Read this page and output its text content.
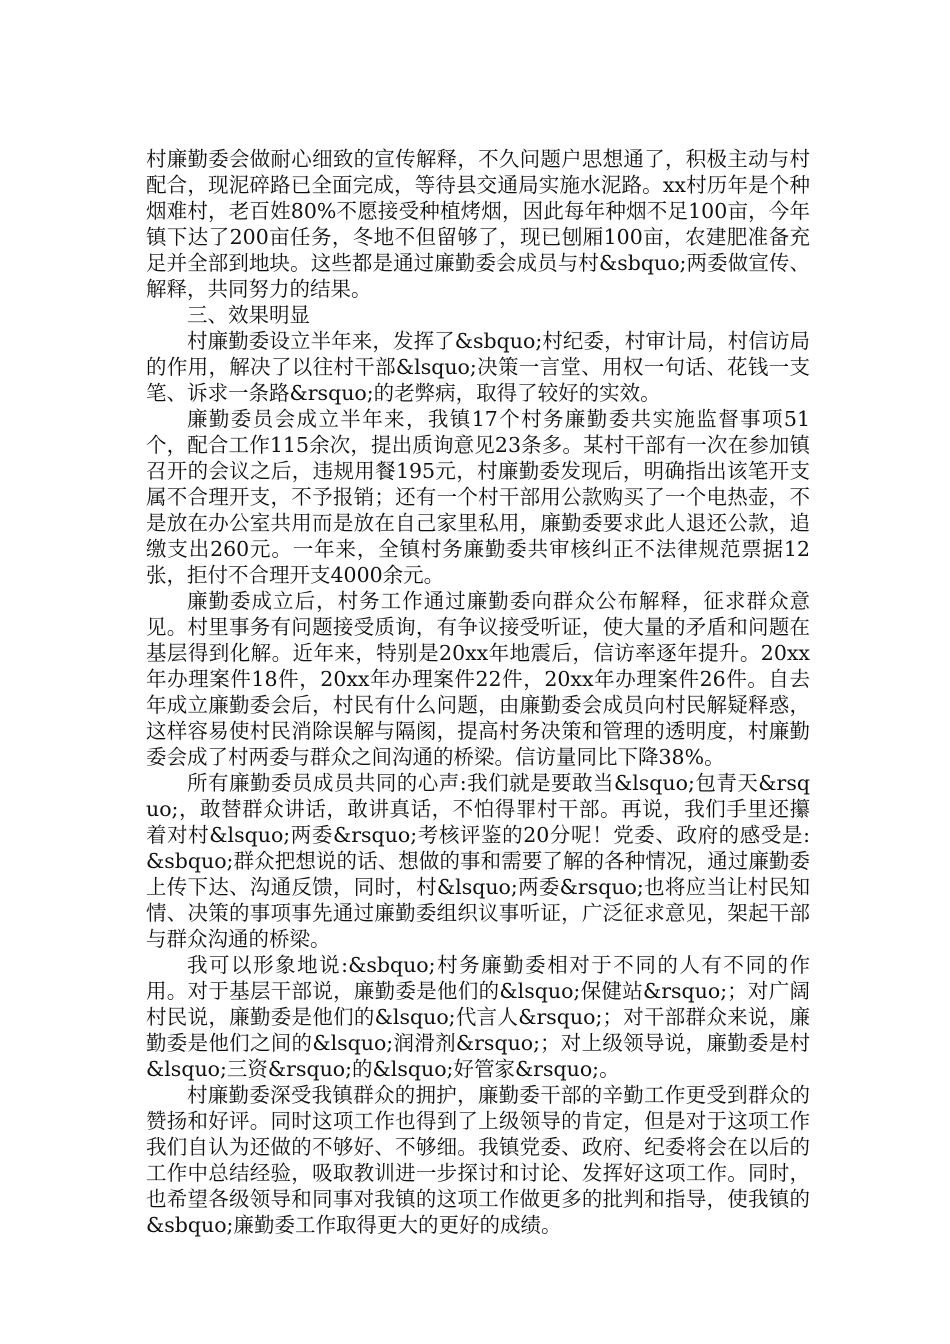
村廉勤委会做耐心细致的宣传解释，不久问题户思想通了，积极主动与村配合，现泥碎路已全面完成，等待县交通局实施水泥路。xx村历年是个种烟难村，老百姓80%不愿接受种植烤烟，因此每年种烟不足100亩，今年镇下达了200亩任务，冬地不但留够了，现已刨厢100亩，农建肥准备充足并全部到地块。这些都是通过廉勤委会成员与村&sbquo;两委做宣传、解释，共同努力的结果。

三、效果明显

村廉勤委设立半年来，发挥了&sbquo;村纪委，村审计局，村信访局的作用，解决了以往村干部&lsquo;决策一言堂、用权一句话、花钱一支笔、诉求一条路&rsquo;的老弊病，取得了较好的实效。

廉勤委员会成立半年来，我镇17个村务廉勤委共实施监督事项51个，配合工作115余次，提出质询意见23条多。某村干部有一次在参加镇召开的会议之后，违规用餐195元，村廉勤委发现后，明确指出该笔开支属不合理开支，不予报销；还有一个村干部用公款购买了一个电热壶，不是放在办公室共用而是放在自己家里私用，廉勤委要求此人退还公款，追缴支出260元。一年来，全镇村务廉勤委共审核纠正不法律规范票据12张，拒付不合理开支4000余元。

廉勤委成立后，村务工作通过廉勤委向群众公布解释，征求群众意见。村里事务有问题接受质询，有争议接受听证，使大量的矛盾和问题在基层得到化解。近年来，特别是20xx年地震后，信访率逐年提升。20xx年办理案件18件，20xx年办理案件22件，20xx年办理案件26件。自去年成立廉勤委会后，村民有什么问题，由廉勤委会成员向村民解疑释惑，这样容易使村民消除误解与隔阂，提高村务决策和管理的透明度，村廉勤委会成了村两委与群众之间沟通的桥梁。信访量同比下降38%。

所有廉勤委员成员共同的心声:我们就是要敢当&lsquo;包青天&rsquo;，敢替群众讲话，敢讲真话，不怕得罪村干部。再说，我们手里还攥着对村&lsquo;两委&rsquo;考核评鉴的20分呢！党委、政府的感受是:&sbquo;群众把想说的话、想做的事和需要了解的各种情况，通过廉勤委上传下达、沟通反馈，同时，村&lsquo;两委&rsquo;也将应当让村民知情、决策的事项事先通过廉勤委组织议事听证，广泛征求意见，架起干部与群众沟通的桥梁。

我可以形象地说:&sbquo;村务廉勤委相对于不同的人有不同的作用。对于基层干部说，廉勤委是他们的&lsquo;保健站&rsquo;；对广阔村民说，廉勤委是他们的&lsquo;代言人&rsquo;；对干部群众来说，廉勤委是他们之间的&lsquo;润滑剂&rsquo;；对上级领导说，廉勤委是村&lsquo;三资&rsquo;的&lsquo;好管家&rsquo;。

村廉勤委深受我镇群众的拥护，廉勤委干部的辛勤工作更受到群众的赞扬和好评。同时这项工作也得到了上级领导的肯定，但是对于这项工作我们自认为还做的不够好、不够细。我镇党委、政府、纪委将会在以后的工作中总结经验，吸取教训进一步探讨和讨论、发挥好这项工作。同时，也希望各级领导和同事对我镇的这项工作做更多的批判和指导，使我镇的&sbquo;廉勤委工作取得更大的更好的成绩。
